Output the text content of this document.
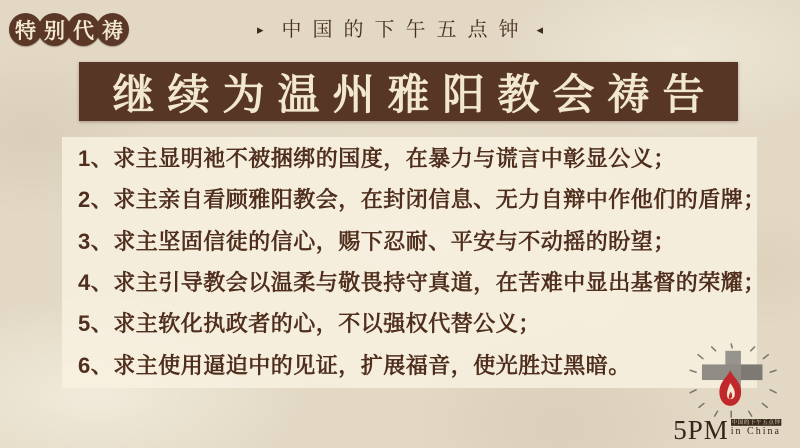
特 别 代 祷	▸ 中国的下午五点钟 ◂
继续为温州雅阳教会祷告
1、求主显明祂不被捆绑的国度，在暴力与谎言中彰显公义；
2、求主亲自看顾雅阳教会，在封闭信息、无力自辩中作他们的盾牌；
3、求主坚固信徒的信心，赐下忍耐、平安与不动摇的盼望；
4、求主引导教会以温柔与敬畏持守真道，在苦难中显出基督的荣耀；
5、求主软化执政者的心，不以强权代替公义；
6、求主使用逼迫中的见证，扩展福音，使光胜过黑暗。
5PM 中国的下午五点钟
in China
